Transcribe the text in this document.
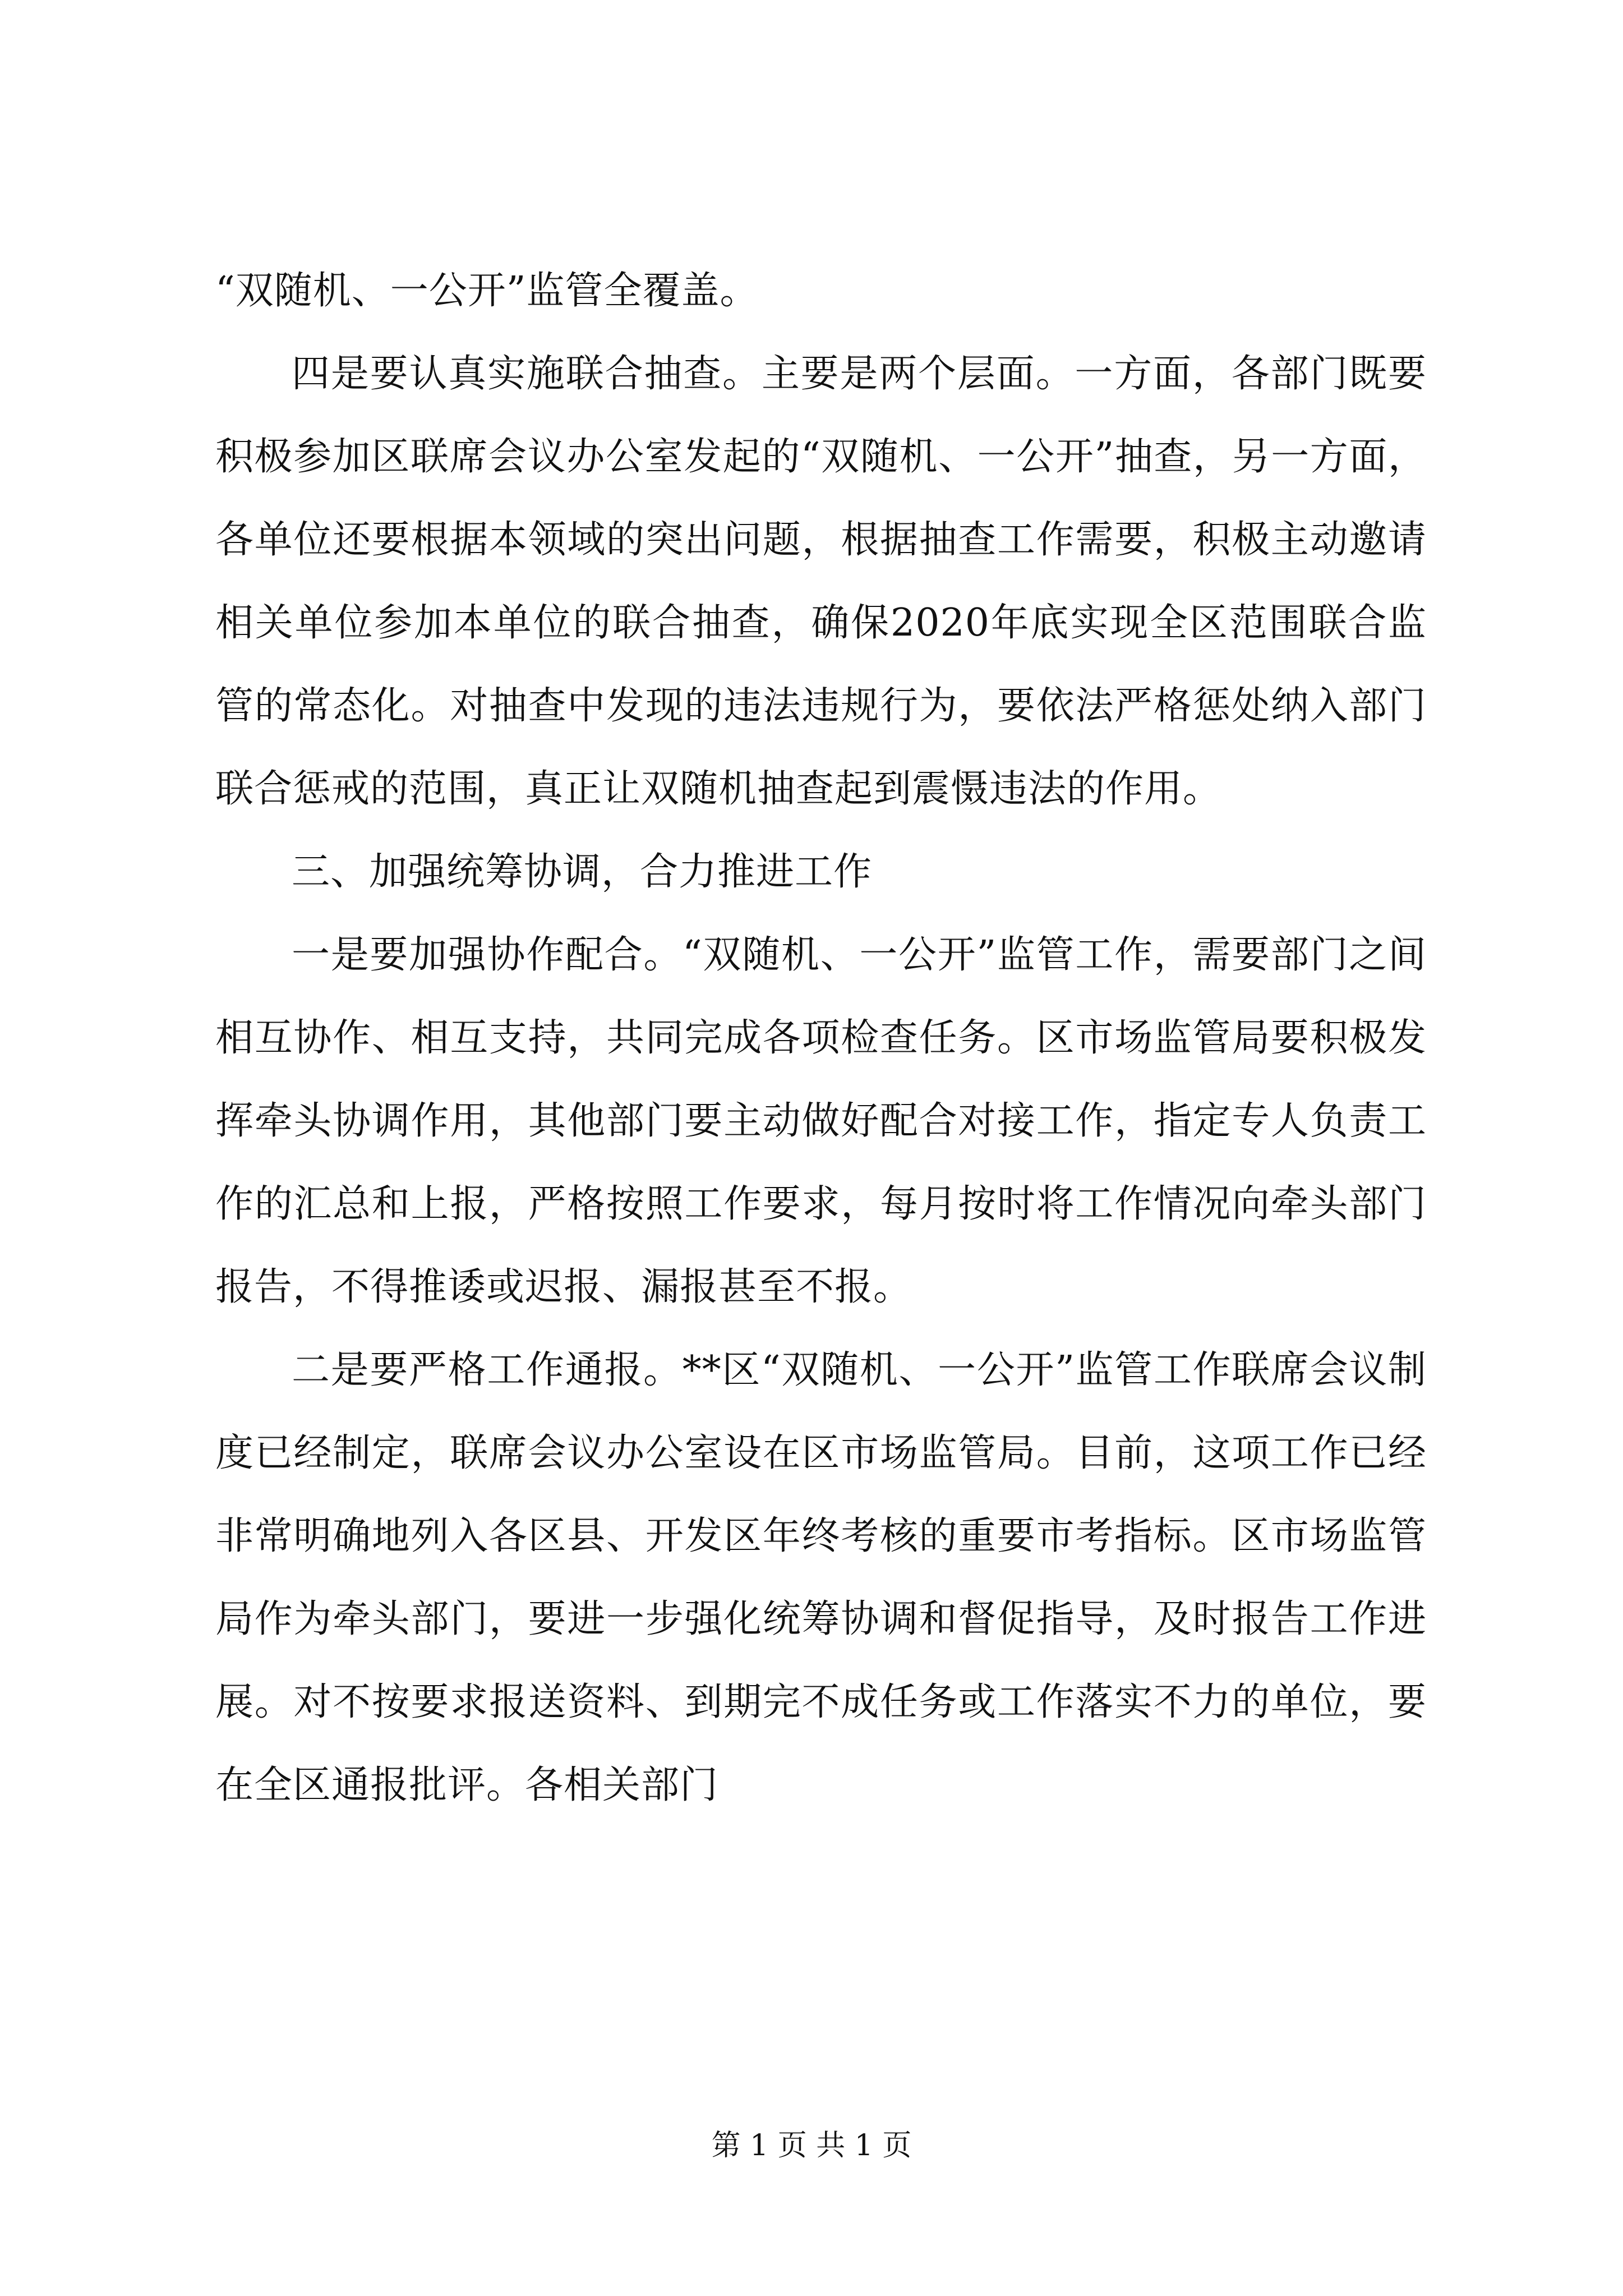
“双随机、一公开”监管全覆盖。

四是要认真实施联合抽查。主要是两个层面。一方面，各部门既要积极参加区联席会议办公室发起的“双随机、一公开”抽查，另一方面，各单位还要根据本领域的突出问题，根据抽查工作需要，积极主动邀请相关单位参加本单位的联合抽查，确保2020年底实现全区范围联合监管的常态化。对抽查中发现的违法违规行为，要依法严格惩处纳入部门联合惩戒的范围，真正让双随机抽查起到震慑违法的作用。

三、加强统筹协调，合力推进工作

一是要加强协作配合。“双随机、一公开”监管工作，需要部门之间相互协作、相互支持，共同完成各项检查任务。区市场监管局要积极发挥牵头协调作用，其他部门要主动做好配合对接工作，指定专人负责工作的汇总和上报，严格按照工作要求，每月按时将工作情况向牵头部门报告，不得推诿或迟报、漏报甚至不报。

二是要严格工作通报。**区“双随机、一公开”监管工作联席会议制度已经制定，联席会议办公室设在区市场监管局。目前，这项工作已经非常明确地列入各区县、开发区年终考核的重要市考指标。区市场监管局作为牵头部门，要进一步强化统筹协调和督促指导，及时报告工作进展。对不按要求报送资料、到期完不成任务或工作落实不力的单位，要在全区通报批评。各相关部门

第 1 页 共 1 页
